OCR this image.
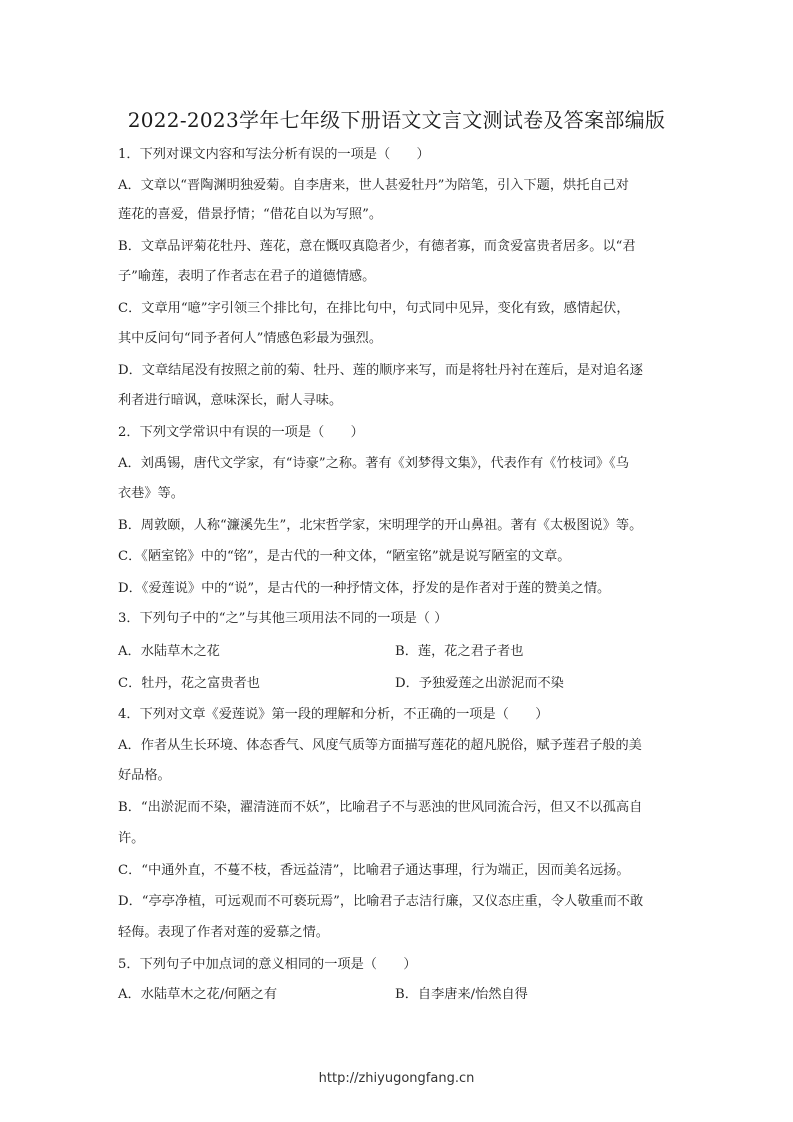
2022-2023学年七年级下册语文文言文测试卷及答案部编版
1．下列对课文内容和写法分析有误的一项是（　　）
A．文章以“晋陶渊明独爱菊。自李唐来，世人甚爱牡丹”为陪笔，引入下题，烘托自己对
莲花的喜爱，借景抒情；“借花自以为写照”。
B．文章品评菊花牡丹、莲花，意在慨叹真隐者少，有德者寡，而贪爱富贵者居多。以“君
子”喻莲，表明了作者志在君子的道德情感。
C．文章用“噫”字引领三个排比句，在排比句中，句式同中见异，变化有致，感情起伏，
其中反问句“同予者何人”情感色彩最为强烈。
D．文章结尾没有按照之前的菊、牡丹、莲的顺序来写，而是将牡丹衬在莲后，是对追名逐
利者进行暗讽，意味深长，耐人寻味。
2．下列文学常识中有误的一项是（　　）
A．刘禹锡，唐代文学家，有“诗豪”之称。著有《刘梦得文集》，代表作有《竹枝词》《乌
衣巷》等。
B．周敦颐，人称“濂溪先生”，北宋哲学家，宋明理学的开山鼻祖。著有《太极图说》等。
C．《陋室铭》中的“铭”，是古代的一种文体，“陋室铭”就是说写陋室的文章。
D．《爱莲说》中的“说”，是古代的一种抒情文体，抒发的是作者对于莲的赞美之情。
3．下列句子中的“之”与其他三项用法不同的一项是（ ）
A．水陆草木之花	B．莲，花之君子者也
C．牡丹，花之富贵者也	D．予独爱莲之出淤泥而不染
4．下列对文章《爱莲说》第一段的理解和分析，不正确的一项是（　　）
A．作者从生长环境、体态香气、风度气质等方面描写莲花的超凡脱俗，赋予莲君子般的美
好品格。
B．“出淤泥而不染，濯清涟而不妖”，比喻君子不与恶浊的世风同流合污，但又不以孤高自
许。
C．“中通外直，不蔓不枝，香远益清”，比喻君子通达事理，行为端正，因而美名远扬。
D．“亭亭净植，可远观而不可亵玩焉”，比喻君子志洁行廉，又仪态庄重，令人敬重而不敢
轻侮。表现了作者对莲的爱慕之情。
5．下列句子中加点词的意义相同的一项是（　　）
A．水陆草木之花/何陋之有	B．自李唐来/怡然自得
http://zhiyugongfang.cn
